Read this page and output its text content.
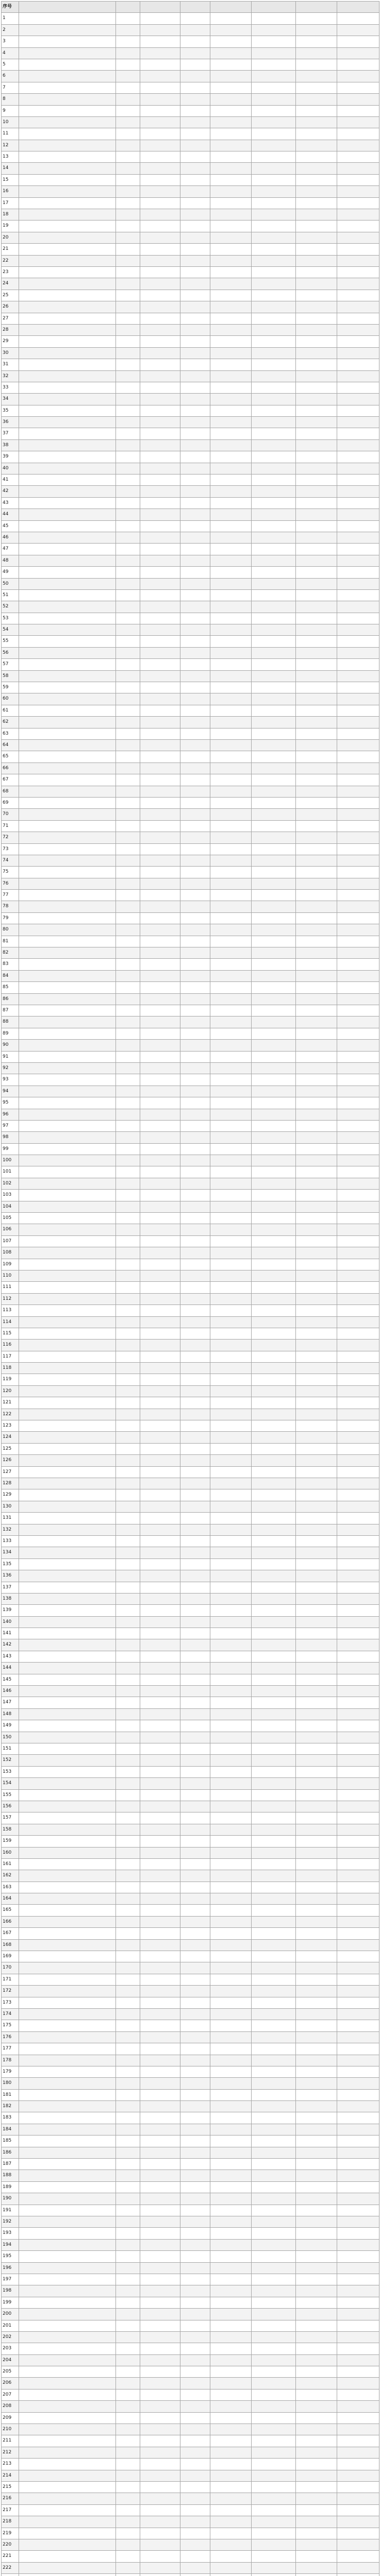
序号
1
2
3
4
5
6
7
8
9
10
11
12
13
14
15
16
17
18
19
20
21
22
23
24
25
26
27
28
29
30
31
32
33
34
35
36
37
38
39
40
41
42
43
44
45
46
47
48
49
50
51
52
53
54
55
56
57
58
59
60
61
62
63
64
65
66
67
68
69
70
71
72
73
74
75
76
77
78
79
80
81
82
83
84
85
86
87
88
89
90
91
92
93
94
95
96
97
98
99
100
101
102
103
104
105
106
107
108
109
110
111
112
113
114
115
116
117
118
119
120
121
122
123
124
125
126
127
128
129
130
131
132
133
134
135
136
137
138
139
140
141
142
143
144
145
146
147
148
149
150
151
152
153
154
155
156
157
158
159
160
161
162
163
164
165
166
167
168
169
170
171
172
173
174
175
176
177
178
179
180
181
182
183
184
185
186
187
188
189
190
191
192
193
194
195
196
197
198
199
200
201
202
203
204
205
206
207
208
209
210
211
212
213
214
215
216
217
218
219
220
221
222
